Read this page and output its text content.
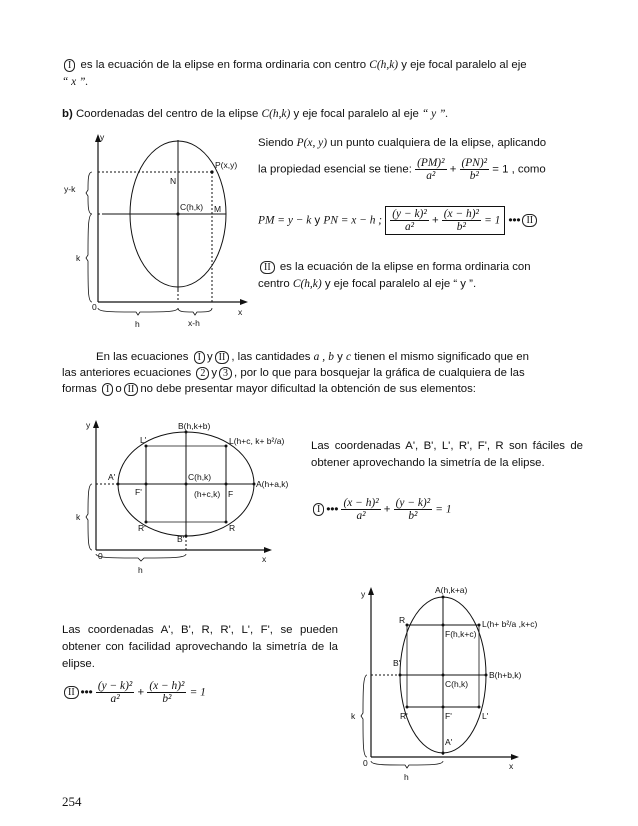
I es la ecuación de la elipse en forma ordinaria con centro C(h,k) y eje focal paralelo al eje
“ x ”.
b) Coordenadas del centro de la elipse C(h,k) y eje focal paralelo al eje “ y ”.
y
x
0
P(x,y)
N
C(h,k) M
y-k
k
h	x-h
Siendo P(x, y) un punto cualquiera de la elipse, aplicando
la propiedad esencial se tiene: $\frac{\text{(PM)²}}{\text{a²}} + \frac{\text{(PN)²}}{\text{b²}} = 1$ , como
PM = y − k y PN = x − h ; $\frac{\text{(y − k)²}}{\text{a²}} + \frac{\text{(x − h)²}}{\text{b²}} = 1$ ••• II
II es la ecuación de la elipse en forma ordinaria con
centro C(h,k) y eje focal paralelo al eje “ y ”.
En las ecuaciones I y II , las cantidades a , b y c tienen el mismo significado que en
las anteriores ecuaciones 2 y 3 , por lo que para bosquejar la gráfica de cualquiera de las
formas I o II no debe presentar mayor dificultad la obtención de sus elementos:
y
x
0
B(h,k+b)
L(h+c, k+ b²/a)
L'
A'
F'
C(h,k)
(h+c,k) F
A(h+a,k)
R'	R
B'
k
h
Las coordenadas A', B', L', R', F', R son fáciles de obtener aprovechando la simetría de la elipse.
I ••• $\frac{\text{(x − h)²}}{\text{a²}} + \frac{\text{(y − k)²}}{\text{b²}} = 1$
Las coordenadas A', B', R, R', L', F', se pueden obtener con facilidad aprovechando la simetría de la elipse.
II ••• $\frac{\text{(y − k)²}}{\text{a²}} + \frac{\text{(x − h)²}}{\text{b²}} = 1$
y
x
0
A(h,k+a)
R	L(h+ b²/a ,k+c)
F(h,k+c)
B'
B(h+b,k)
C(h,k)
R'	F'	L'
A'
k
h
254
